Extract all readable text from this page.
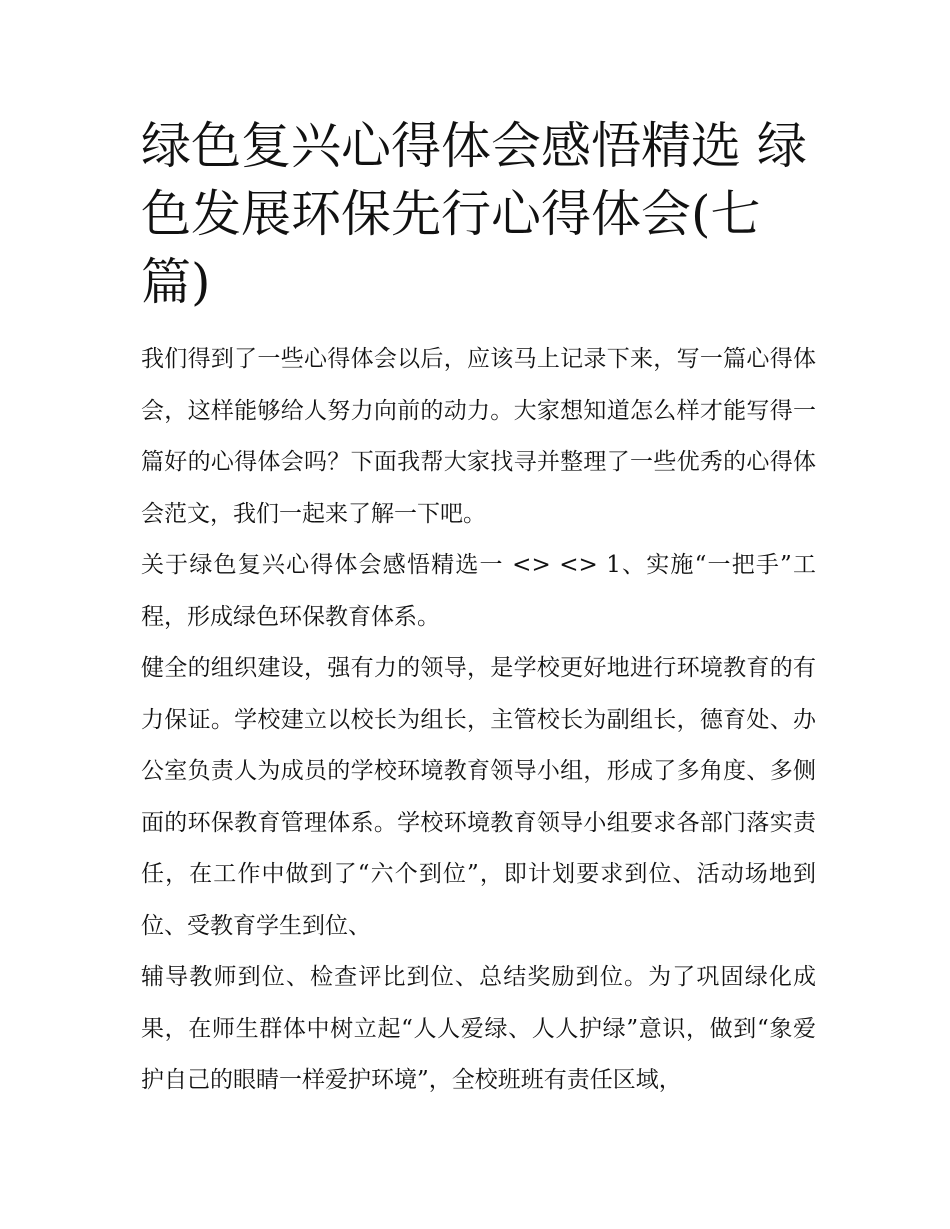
绿色复兴心得体会感悟精选 绿色发展环保先行心得体会(七篇)

我们得到了一些心得体会以后，应该马上记录下来，写一篇心得体会，这样能够给人努力向前的动力。大家想知道怎么样才能写得一篇好的心得体会吗？下面我帮大家找寻并整理了一些优秀的心得体会范文，我们一起来了解一下吧。

关于绿色复兴心得体会感悟精选一 <> <> 1、实施“一把手”工程，形成绿色环保教育体系。

健全的组织建设，强有力的领导，是学校更好地进行环境教育的有力保证。学校建立以校长为组长，主管校长为副组长，德育处、办公室负责人为成员的学校环境教育领导小组，形成了多角度、多侧面的环保教育管理体系。学校环境教育领导小组要求各部门落实责任，在工作中做到了“六个到位”，即计划要求到位、活动场地到位、受教育学生到位、

辅导教师到位、检查评比到位、总结奖励到位。为了巩固绿化成果，在师生群体中树立起“人人爱绿、人人护绿”意识，做到“象爱护自己的眼睛一样爱护环境”，全校班班有责任区域，
